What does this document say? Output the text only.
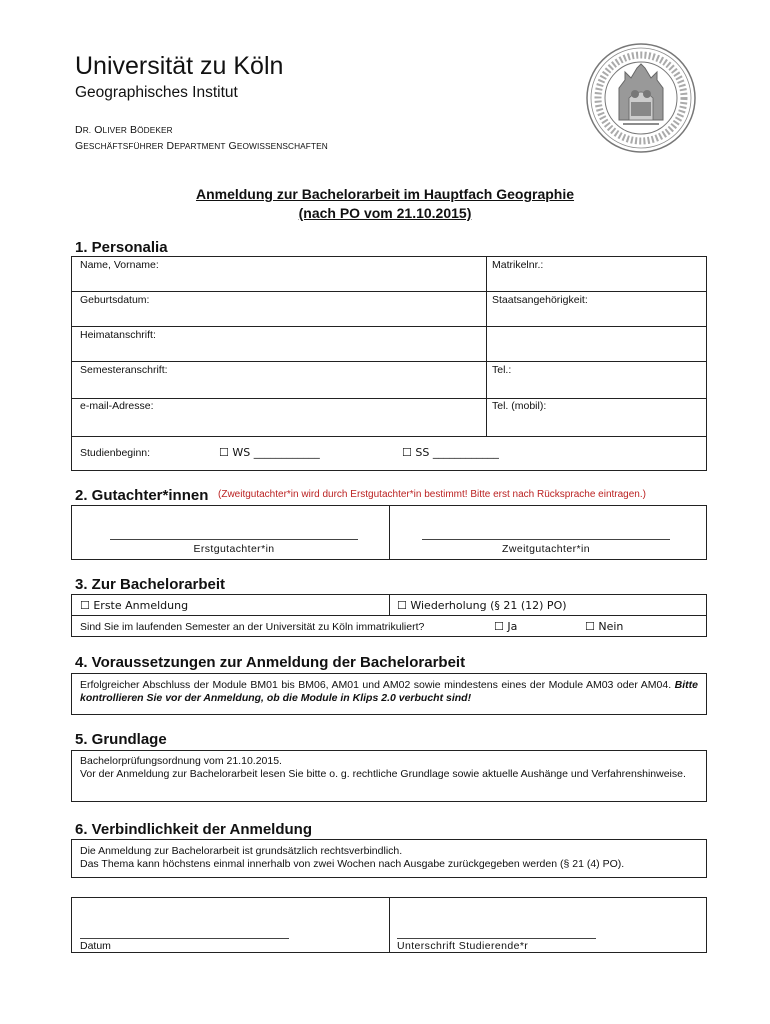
Universität zu Köln
Geographisches Institut
DR. OLIVER BÖDEKER
GESCHÄFTSFÜHRER DEPARTMENT GEOWISSENSCHAFTEN
Anmeldung zur Bachelorarbeit im Hauptfach Geographie
(nach PO vom 21.10.2015)
1. Personalia
Name, Vorname:	Matrikelnr.:
Geburtsdatum:	Staatsangehörigkeit:
Heimatanschrift:
Semesteranschrift:	Tel.:
e-mail-Adresse:	Tel. (mobil):
Studienbeginn:	☐ WS ____________	☐ SS ____________
2. Gutachter*innen (Zweitgutachter*in wird durch Erstgutachter*in bestimmt! Bitte erst nach Rücksprache eintragen.)
Erstgutachter*in	Zweitgutachter*in
3. Zur Bachelorarbeit
☐ Erste Anmeldung	☐ Wiederholung (§ 21 (12) PO)
Sind Sie im laufenden Semester an der Universität zu Köln immatrikuliert?	☐ Ja	☐ Nein
4. Voraussetzungen zur Anmeldung der Bachelorarbeit
Erfolgreicher Abschluss der Module BM01 bis BM06, AM01 und AM02 sowie mindestens eines der Module AM03 oder AM04. Bitte kontrollieren Sie vor der Anmeldung, ob die Module in Klips 2.0 verbucht sind!
5. Grundlage
Bachelorprüfungsordnung vom 21.10.2015.
Vor der Anmeldung zur Bachelorarbeit lesen Sie bitte o. g. rechtliche Grundlage sowie aktuelle Aushänge und Verfahrenshinweise.
6. Verbindlichkeit der Anmeldung
Die Anmeldung zur Bachelorarbeit ist grundsätzlich rechtsverbindlich.
Das Thema kann höchstens einmal innerhalb von zwei Wochen nach Ausgabe zurückgegeben werden (§ 21 (4) PO).
Datum	Unterschrift Studierende*r
